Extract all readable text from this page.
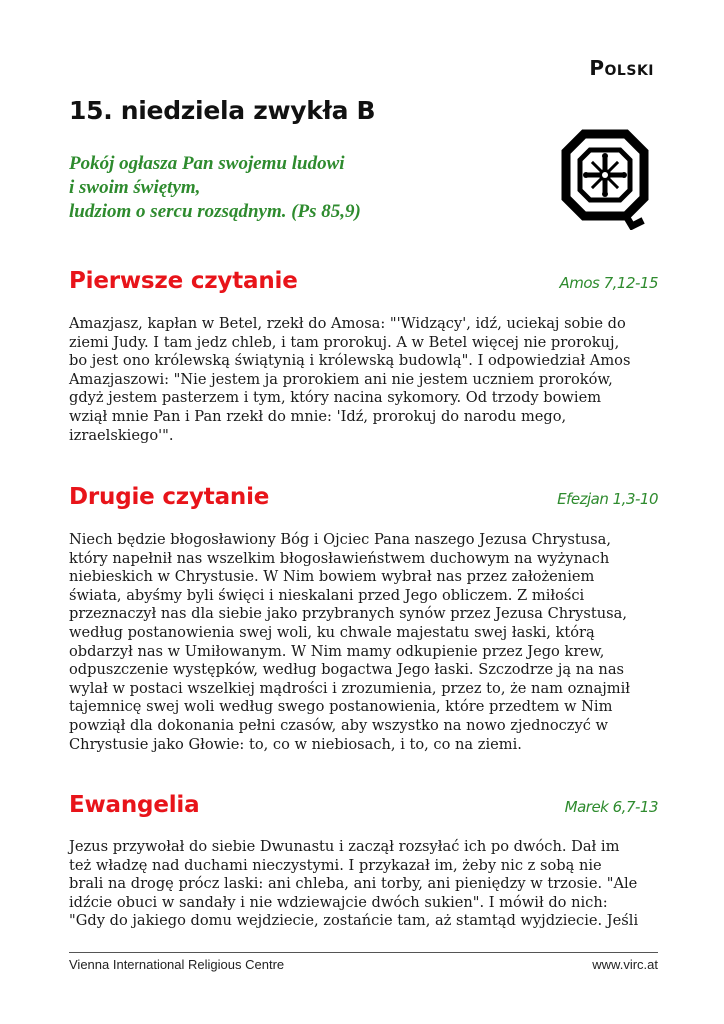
Polski
15. niedziela zwykła B
Pokój ogłasza Pan swojemu ludowi
i swoim świętym,
ludziom o sercu rozsądnym. (Ps 85,9)
Pierwsze czytanie	Amos 7,12-15
Amazjasz, kapłan w Betel, rzekł do Amosa: "'Widzący', idź, uciekaj sobie do
ziemi Judy. I tam jedz chleb, i tam prorokuj. A w Betel więcej nie prorokuj,
bo jest ono królewską świątynią i królewską budowlą". I odpowiedział Amos
Amazjaszowi: "Nie jestem ja prorokiem ani nie jestem uczniem proroków,
gdyż jestem pasterzem i tym, który nacina sykomory. Od trzody bowiem
wziął mnie Pan i Pan rzekł do mnie: 'Idź, prorokuj do narodu mego,
izraelskiego'".
Drugie czytanie	Efezjan 1,3-10
Niech będzie błogosławiony Bóg i Ojciec Pana naszego Jezusa Chrystusa,
który napełnił nas wszelkim błogosławieństwem duchowym na wyżynach
niebieskich w Chrystusie. W Nim bowiem wybrał nas przez założeniem
świata, abyśmy byli święci i nieskalani przed Jego obliczem. Z miłości
przeznaczył nas dla siebie jako przybranych synów przez Jezusa Chrystusa,
według postanowienia swej woli, ku chwale majestatu swej łaski, którą
obdarzył nas w Umiłowanym. W Nim mamy odkupienie przez Jego krew,
odpuszczenie występków, według bogactwa Jego łaski. Szczodrze ją na nas
wylał w postaci wszelkiej mądrości i zrozumienia, przez to, że nam oznajmił
tajemnicę swej woli według swego postanowienia, które przedtem w Nim
powziął dla dokonania pełni czasów, aby wszystko na nowo zjednoczyć w
Chrystusie jako Głowie: to, co w niebiosach, i to, co na ziemi.
Ewangelia	Marek 6,7-13
Jezus przywołał do siebie Dwunastu i zaczął rozsyłać ich po dwóch. Dał im
też władzę nad duchami nieczystymi. I przykazał im, żeby nic z sobą nie
brali na drogę prócz laski: ani chleba, ani torby, ani pieniędzy w trzosie. "Ale
idźcie obuci w sandały i nie wdziewajcie dwóch sukien". I mówił do nich:
"Gdy do jakiego domu wejdziecie, zostańcie tam, aż stamtąd wyjdziecie. Jeśli
Vienna International Religious Centre	www.virc.at
